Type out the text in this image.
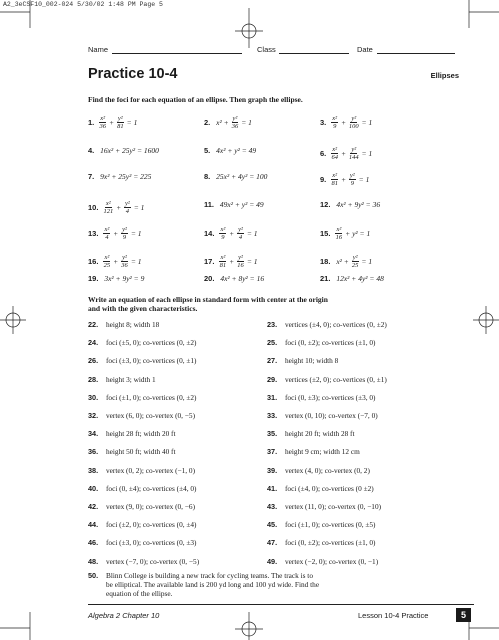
A2_3eCSF10_002-024 5/30/02 1:48 PM Page 5
Name	Class	Date
Practice 10-4	Ellipses
Find the foci for each equation of an ellipse. Then graph the ellipse.
1. $\frac{\text{x²}}{36} + \frac{\text{y²}}{81} = 1$	2. $x^2 + \frac{\text{y²}}{36} = 1$	3. $\frac{\text{x²}}{9} + \frac{\text{y²}}{100} = 1$
4. 16x² + 25y² = 1600	5. 4x² + y² = 49	6. $\frac{\text{x²}}{64} + \frac{\text{y²}}{144} = 1$
7. 9x² + 25y² = 225	8. 25x² + 4y² = 100	9. $\frac{\text{x²}}{81} + \frac{\text{y²}}{9} = 1$
10. $\frac{\text{x²}}{121} + \frac{\text{y²}}{4} = 1$	11. 49x² + y² = 49	12. 4x² + 9y² = 36
13. $\frac{\text{x²}}{4} + \frac{\text{y²}}{9} = 1$	14. $\frac{\text{x²}}{9} + \frac{\text{y²}}{4} = 1$	15. $\frac{\text{x²}}{16} + y^2 = 1$
16. $\frac{\text{x²}}{25} + \frac{\text{y²}}{36} = 1$	17. $\frac{\text{x²}}{81} + \frac{\text{y²}}{16} = 1$	18. $x^2 + \frac{\text{y²}}{25} = 1$
19. 3x² + 9y² = 9	20. 4x² + 8y² = 16	21. 12x² + 4y² = 48
Write an equation of each ellipse in standard form with center at the origin
and with the given characteristics.
22. height 8; width 18	23. vertices (±4, 0); co-vertices (0, ±2)
24. foci (±5, 0); co-vertices (0, ±2)	25. foci (0, ±2); co-vertices (±1, 0)
26. foci (±3, 0); co-vertices (0, ±1)	27. height 10; width 8
28. height 3; width 1	29. vertices (±2, 0); co-vertices (0, ±1)
30. foci (±1, 0); co-vertices (0, ±2)	31. foci (0, ±3); co-vertices (±3, 0)
32. vertex (6, 0); co-vertex (0, −5)	33. vertex (0, 10); co-vertex (−7, 0)
34. height 28 ft; width 20 ft	35. height 20 ft; width 28 ft
36. height 50 ft; width 40 ft	37. height 9 cm; width 12 cm
38. vertex (0, 2); co-vertex (−1, 0)	39. vertex (4, 0); co-vertex (0, 2)
40. foci (0, ±4); co-vertices (±4, 0)	41. foci (±4, 0); co-vertices (0 ±2)
42. vertex (9, 0); co-vertex (0, −6)	43. vertex (11, 0); co-vertex (0, −10)
44. foci (±2, 0); co-vertices (0, ±4)	45. foci (±1, 0); co-vertices (0, ±5)
46. foci (±3, 0); co-vertices (0, ±3)	47. foci (0, ±2); co-vertices (±1, 0)
48. vertex (−7, 0); co-vertex (0, −5)	49. vertex (−2, 0); co-vertex (0, −1)
50. Blinn College is building a new track for cycling teams. The track is to
be elliptical. The available land is 200 yd long and 100 yd wide. Find the
equation of the ellipse.
Algebra 2 Chapter 10	Lesson 10-4 Practice	5
